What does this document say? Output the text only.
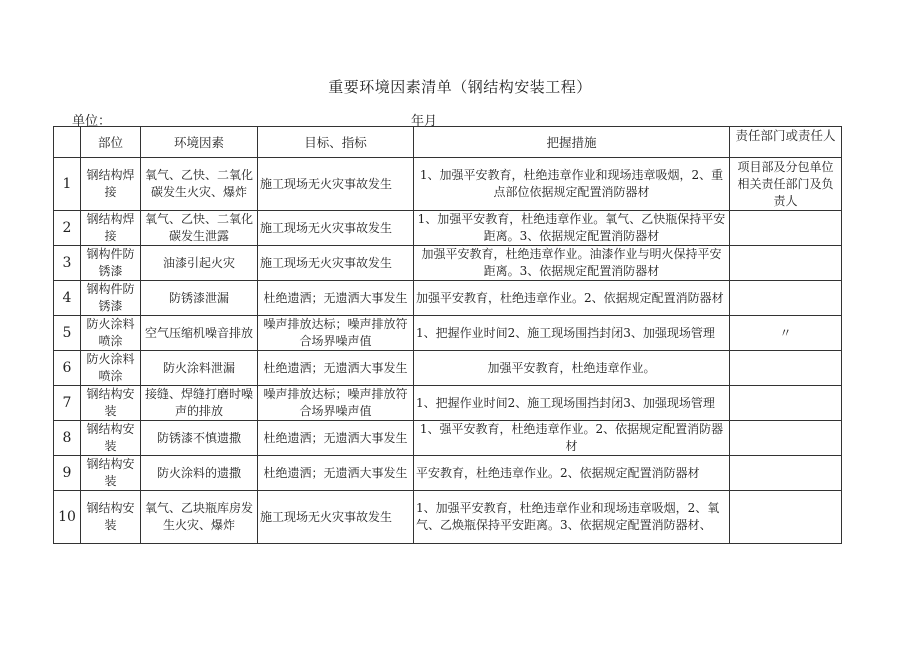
重要环境因素清单（钢结构安装工程）
单位：	年月
	部位	环境因素	目标、指标	把握措施	责任部门或责任人
1	钢结构焊接	氧气、乙快、二氧化碳发生火灾、爆炸	施工现场无火灾事故发生	1、加强平安教育，杜绝违章作业和现场违章吸烟，2、重点部位依据规定配置消防器材	项目部及分包单位相关责任部门及负责人
2	钢结构焊接	氧气、乙快、二氧化碳发生泄露	施工现场无火灾事故发生	1、加强平安教育，杜绝违章作业。氧气、乙快瓶保持平安距离。3、依据规定配置消防器材	
3	钢构件防锈漆	油漆引起火灾	施工现场无火灾事故发生	加强平安教育，杜绝违章作业。油漆作业与明火保持平安距离。3、依据规定配置消防器材	
4	钢构件防锈漆	防锈漆泄漏	杜绝遗洒；无遗洒大事发生	加强平安教育，杜绝违章作业。2、依据规定配置消防器材	
5	防火涂料喷涂	空气压缩机噪音排放	噪声排放达标；噪声排放符合场界噪声值	1、把握作业时间2、施工现场围挡封闭3、加强现场管理	〃
6	防火涂料喷涂	防火涂料泄漏	杜绝遗洒；无遗洒大事发生	加强平安教育，杜绝违章作业。	
7	钢结构安装	接缝、焊缝打磨时噪声的排放	噪声排放达标；噪声排放符合场界噪声值	1、把握作业时间2、施工现场围挡封闭3、加强现场管理	
8	钢结构安装	防锈漆不慎遗撒	杜绝遗洒；无遗洒大事发生	1、强平安教育，杜绝违章作业。2、依据规定配置消防器材	
9	钢结构安装	防火涂料的遗撒	杜绝遗洒；无遗洒大事发生	平安教育，杜绝违章作业。2、依据规定配置消防器材	
10	钢结构安装	氧气、乙块瓶库房发生火灾、爆炸	施工现场无火灾事故发生	1、加强平安教育，杜绝违章作业和现场违章吸烟，2、氧气、乙焕瓶保持平安距离。3、依据规定配置消防器材、	
